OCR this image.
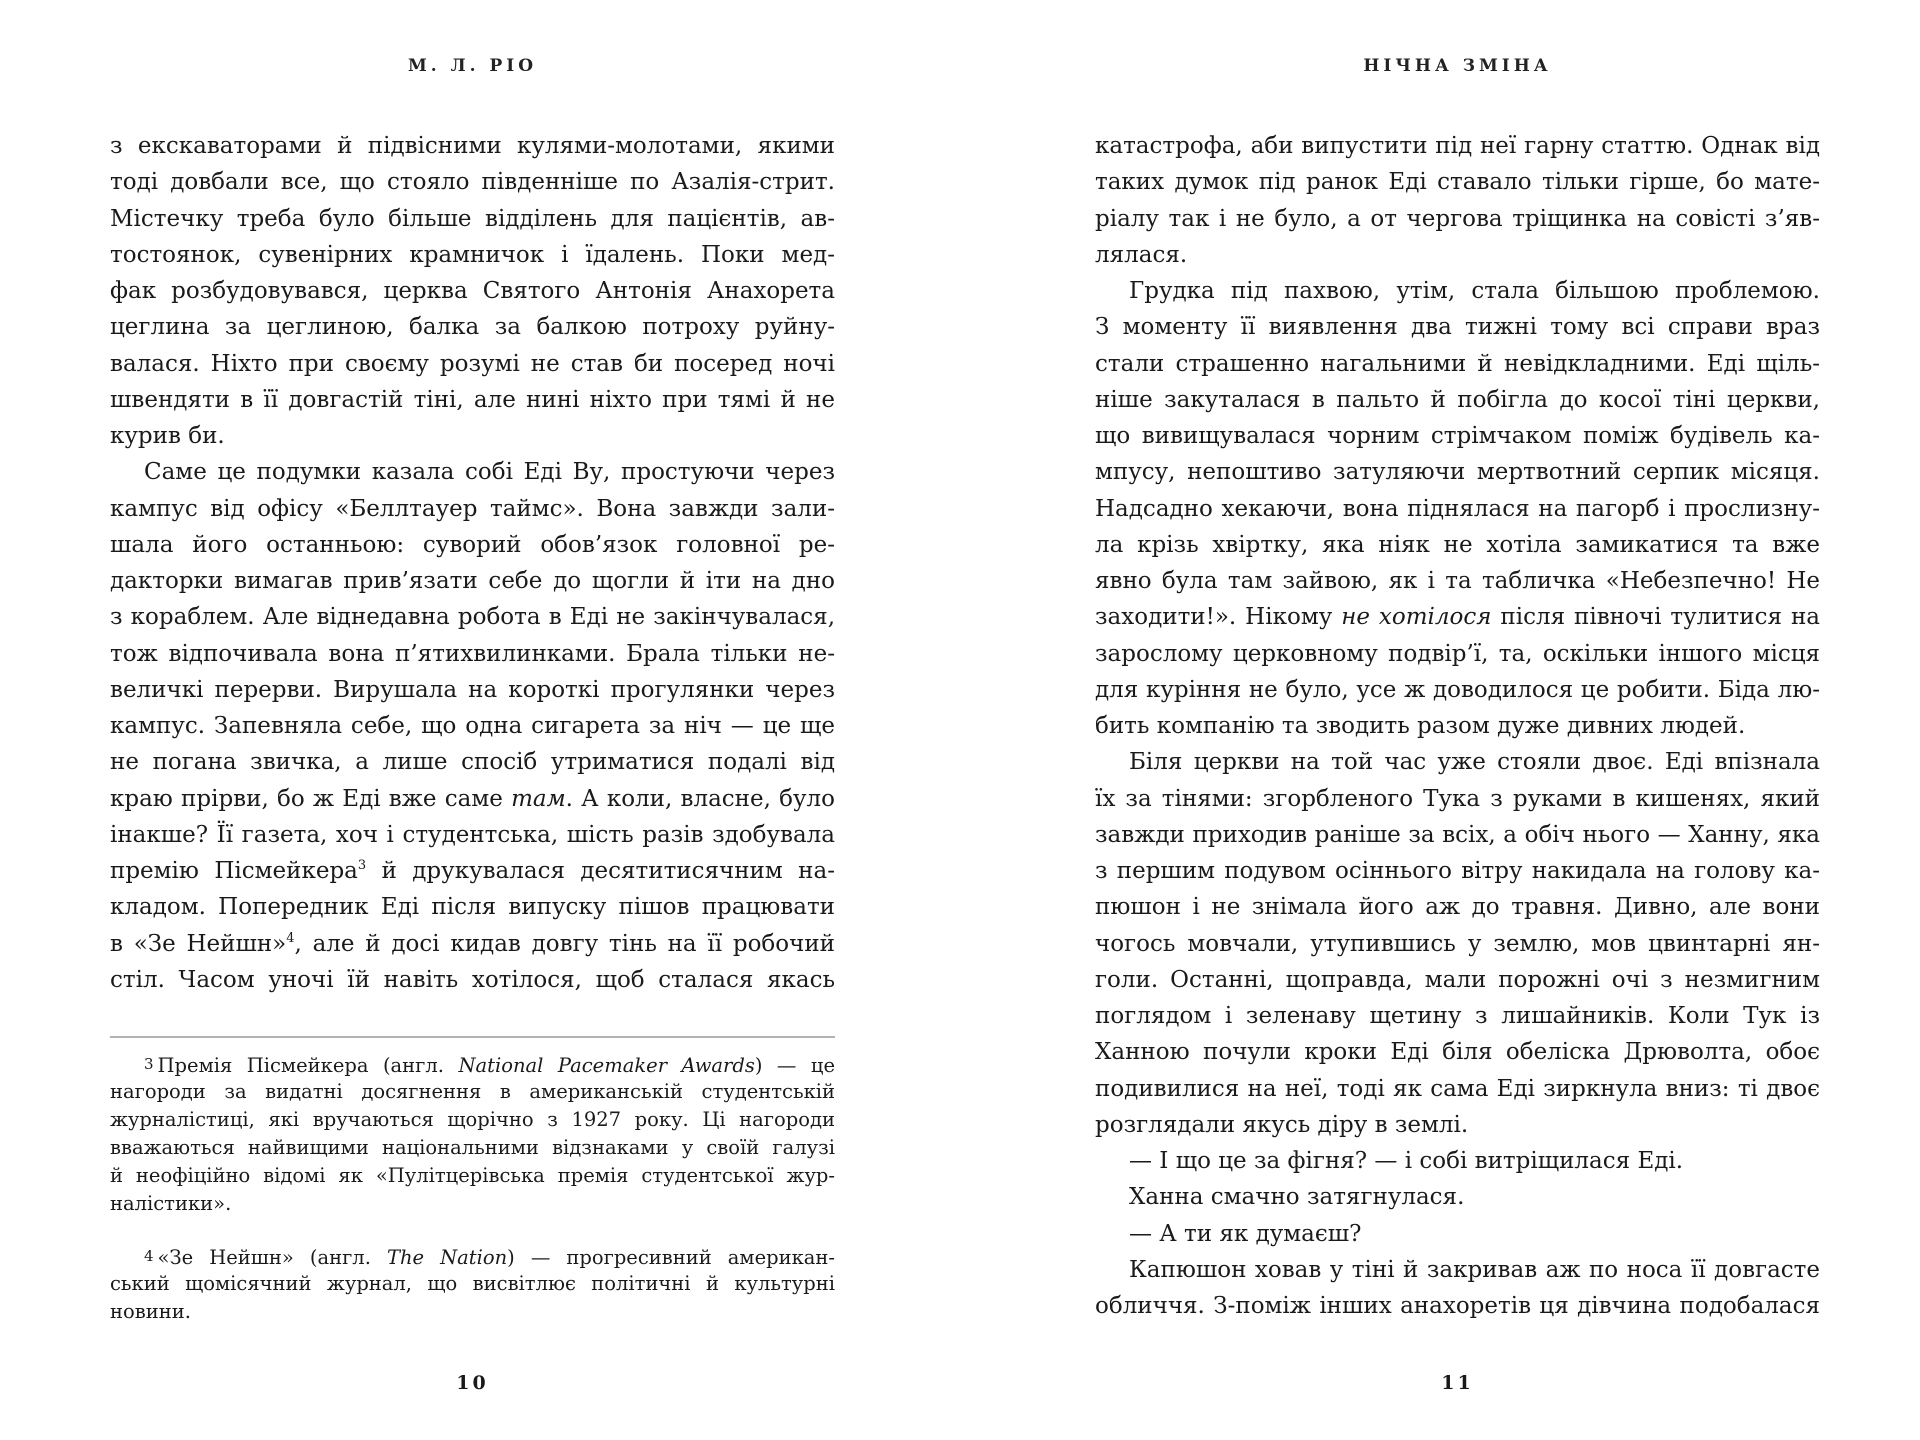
М. Л. РІО
з екскаваторами й підвісними кулями-молотами, якими
тоді довбали все, що стояло південніше по Азалія-стрит.
Містечку треба було більше відділень для пацієнтів, ав-
тостоянок, сувенірних крамничок і їдалень. Поки мед-
фак розбудовувався, церква Святого Антонія Анахорета
цеглина за цеглиною, балка за балкою потроху руйну-
валася. Ніхто при своєму розумі не став би посеред ночі
швендяти в її довгастій тіні, але нині ніхто при тямі й не
курив би.
Саме це подумки казала собі Еді Ву, простуючи через
кампус від офісу «Беллтауер таймс». Вона завжди зали-
шала його останньою: суворий обов’язок головної ре-
дакторки вимагав прив’язати себе до щогли й іти на дно
з кораблем. Але віднедавна робота в Еді не закінчувалася,
тож відпочивала вона п’ятихвилинками. Брала тільки не-
величкі перерви. Вирушала на короткі прогулянки через
кампус. Запевняла себе, що одна сигарета за ніч — це ще
не погана звичка, а лише спосіб утриматися подалі від
краю прірви, бо ж Еді вже саме там. А коли, власне, було
інакше? Її газета, хоч і студентська, шість разів здобувала
премію Пісмейкера$^3$ й друкувалася десятитисячним на-
кладом. Попередник Еді після випуску пішов працювати
в «Зе Нейшн»$^4$, але й досі кидав довгу тінь на її робочий
стіл. Часом уночі їй навіть хотілося, щоб сталася якась
3 Премія Пісмейкера (англ. National Pacemaker Awards) — це
нагороди за видатні досягнення в американській студентській
журналістиці, які вручаються щорічно з 1927 року. Ці нагороди
вважаються найвищими національними відзнаками у своїй галузі
й неофіційно відомі як «Пулітцерівська премія студентської жур-
налістики».
4 «Зе Нейшн» (англ. The Nation) — прогресивний американ-
ський щомісячний журнал, що висвітлює політичні й культурні
новини.
10
НІЧНА ЗМІНА
катастрофа, аби випустити під неї гарну статтю. Однак від
таких думок під ранок Еді ставало тільки гірше, бо мате-
ріалу так і не було, а от чергова тріщинка на совісті з’яв-
лялася.
Грудка під пахвою, утім, стала більшою проблемою.
З моменту її виявлення два тижні тому всі справи враз
стали страшенно нагальними й невідкладними. Еді щіль-
ніше закуталася в пальто й побігла до косої тіні церкви,
що вивищувалася чорним стрімчаком поміж будівель ка-
мпусу, непоштиво затуляючи мертвотний серпик місяця.
Надсадно хекаючи, вона піднялася на пагорб і прослизну-
ла крізь хвіртку, яка ніяк не хотіла замикатися та вже
явно була там зайвою, як і та табличка «Небезпечно! Не
заходити!». Нікому не хотілося після півночі тулитися на
зарослому церковному подвір’ї, та, оскільки іншого місця
для куріння не було, усе ж доводилося це робити. Біда лю-
бить компанію та зводить разом дуже дивних людей.
Біля церкви на той час уже стояли двоє. Еді впізнала
їх за тінями: згорбленого Тука з руками в кишенях, який
завжди приходив раніше за всіх, а обіч нього — Ханну, яка
з першим подувом осіннього вітру накидала на голову ка-
пюшон і не знімала його аж до травня. Дивно, але вони
чогось мовчали, утупившись у землю, мов цвинтарні ян-
голи. Останні, щоправда, мали порожні очі з незмигним
поглядом і зеленаву щетину з лишайників. Коли Тук із
Ханною почули кроки Еді біля обеліска Дрюволта, обоє
подивилися на неї, тоді як сама Еді зиркнула вниз: ті двоє
розглядали якусь діру в землі.
— І що це за фігня? — і собі витріщилася Еді.
Ханна смачно затягнулася.
— А ти як думаєш?
Капюшон ховав у тіні й закривав аж по носа її довгасте
обличчя. З-поміж інших анахоретів ця дівчина подобалася
11
